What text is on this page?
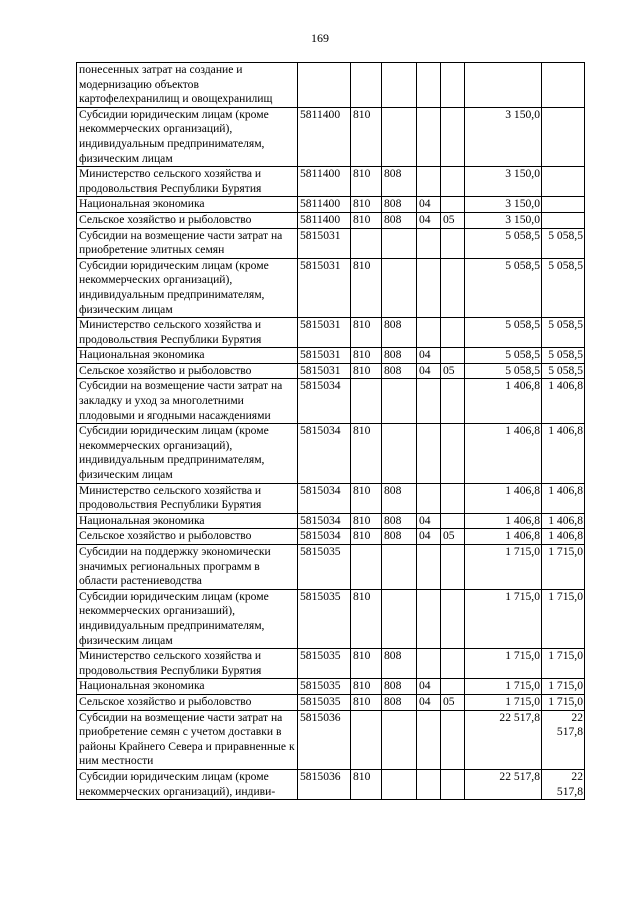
169
понесенных затрат на создание и модернизацию объектов картофелехранилищ и овощехранилищ							
Субсидии юридическим лицам (кроме некоммерческих организаций), индивидуальным предпринимателям, физическим лицам	5811400	810				3 150,0	
Министерство сельского хозяйства и продовольствия Республики Бурятия	5811400	810	808			3 150,0	
Национальная экономика	5811400	810	808	04		3 150,0	
Сельское хозяйство и рыболовство	5811400	810	808	04	05	3 150,0	
Субсидии на возмещение части затрат на приобретение элитных семян	5815031					5 058,5	5 058,5
Субсидии юридическим лицам (кроме некоммерческих организаций), индивидуальным предпринимателям, физическим лицам	5815031	810				5 058,5	5 058,5
Министерство сельского хозяйства и продовольствия Республики Бурятия	5815031	810	808			5 058,5	5 058,5
Национальная экономика	5815031	810	808	04		5 058,5	5 058,5
Сельское хозяйство и рыболовство	5815031	810	808	04	05	5 058,5	5 058,5
Субсидии на возмещение части затрат на закладку и уход за многолетними плодовыми и ягодными насаждениями	5815034					1 406,8	1 406,8
Субсидии юридическим лицам (кроме некоммерческих организаций), индивидуальным предпринимателям, физическим лицам	5815034	810				1 406,8	1 406,8
Министерство сельского хозяйства и продовольствия Республики Бурятия	5815034	810	808			1 406,8	1 406,8
Национальная экономика	5815034	810	808	04		1 406,8	1 406,8
Сельское хозяйство и рыболовство	5815034	810	808	04	05	1 406,8	1 406,8
Субсидии на поддержку экономически значимых региональных программ в области растениеводства	5815035					1 715,0	1 715,0
Субсидии юридическим лицам (кроме некоммерческих организаший), индивидуальным предпринимателям, физическим лицам	5815035	810				1 715,0	1 715,0
Министерство сельского хозяйства и продовольствия Республики Бурятия	5815035	810	808			1 715,0	1 715,0
Национальная экономика	5815035	810	808	04		1 715,0	1 715,0
Сельское хозяйство и рыболовство	5815035	810	808	04	05	1 715,0	1 715,0
Субсидии на возмещение части затрат на приобретение семян с учетом доставки в районы Крайнего Севера и приравненные к ним местности	5815036					22 517,8	22 517,8
Субсидии юридическим лицам (кроме некоммерческих организаций), индиви-	5815036	810				22 517,8	22 517,8
